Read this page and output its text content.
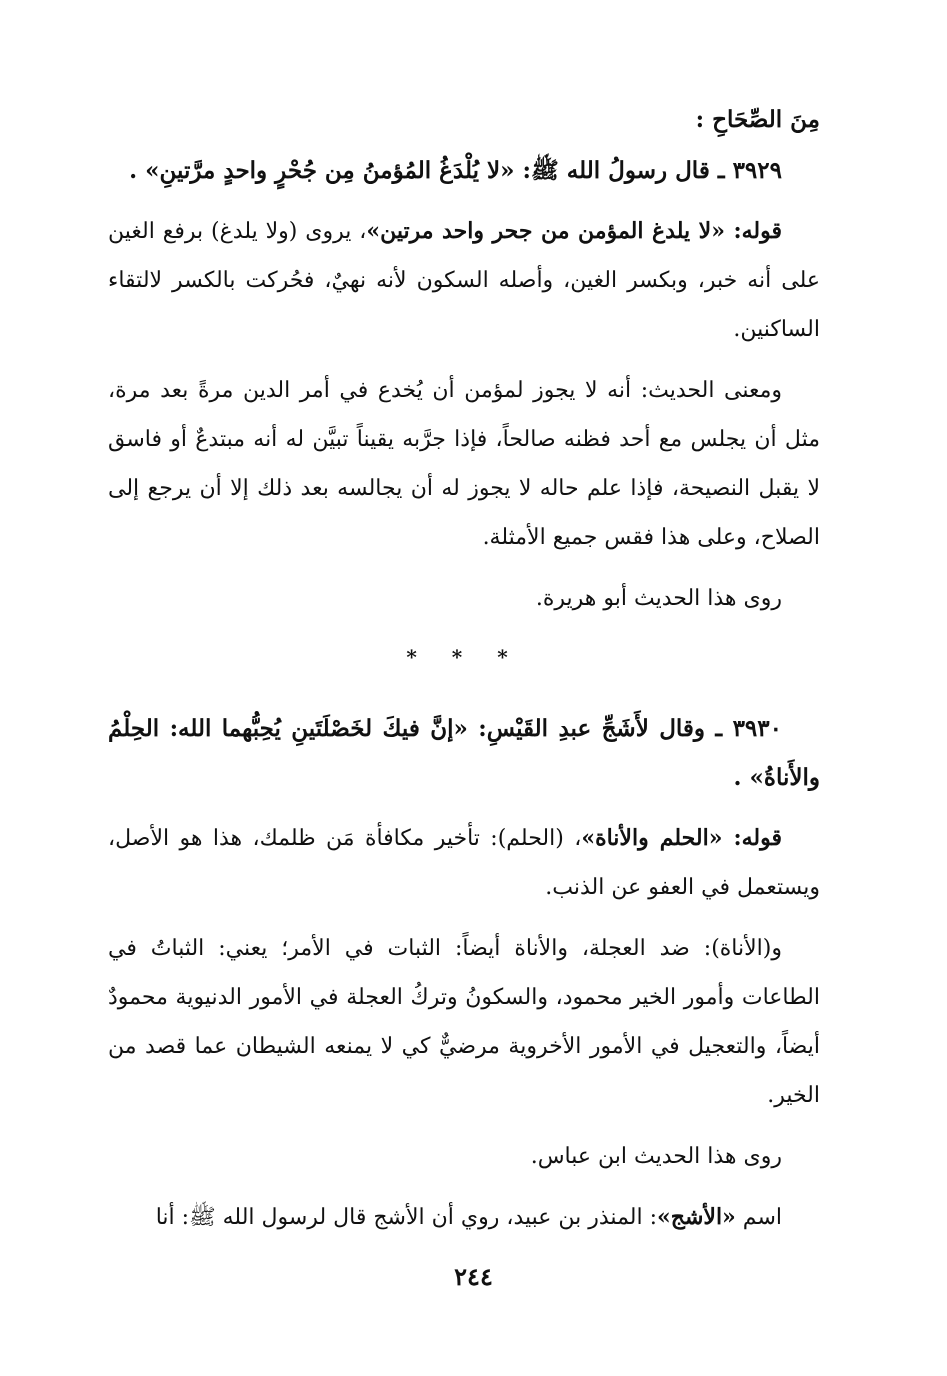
مِنَ الصِّحَاحِ :

٣٩٢٩ ـ قال رسولُ الله ﷺ: «لا يُلْدَغُ المُؤمنُ مِن جُحْرٍ واحدٍ مرَّتينِ» .

قوله: «لا يلدغ المؤمن من جحر واحد مرتين»، يروى (ولا يلدغ) برفع الغين على أنه خبر، وبكسر الغين، وأصله السكون لأنه نهيٌ، فحُركت بالكسر لالتقاء الساكنين.

ومعنى الحديث: أنه لا يجوز لمؤمن أن يُخدع في أمر الدين مرةً بعد مرة، مثل أن يجلس مع أحد فظنه صالحاً، فإذا جرَّبه يقيناً تبيَّن له أنه مبتدعٌ أو فاسق لا يقبل النصيحة، فإذا علم حاله لا يجوز له أن يجالسه بعد ذلك إلا أن يرجع إلى الصلاح، وعلى هذا فقس جميع الأمثلة.

روى هذا الحديث أبو هريرة.

* * *

٣٩٣٠ ـ وقال لأَشَجِّ عبدِ القَيْسِ: «إنَّ فيكَ لخَصْلَتَينِ يُحِبُّهما الله: الحِلْمُ والأَناةُ» .

قوله: «الحلم والأناة»، (الحلم): تأخير مكافأة مَن ظلمك، هذا هو الأصل، ويستعمل في العفو عن الذنب.

و(الأناة): ضد العجلة، والأناة أيضاً: الثبات في الأمر؛ يعني: الثباتُ في الطاعات وأمور الخير محمود، والسكونُ وتركُ العجلة في الأمور الدنيوية محمودٌ أيضاً، والتعجيل في الأمور الأخروية مرضيٌّ كي لا يمنعه الشيطان عما قصد من الخير.

روى هذا الحديث ابن عباس.

اسم «الأشج»: المنذر بن عبيد، روي أن الأشج قال لرسول الله ﷺ: أنا

٢٤٤
